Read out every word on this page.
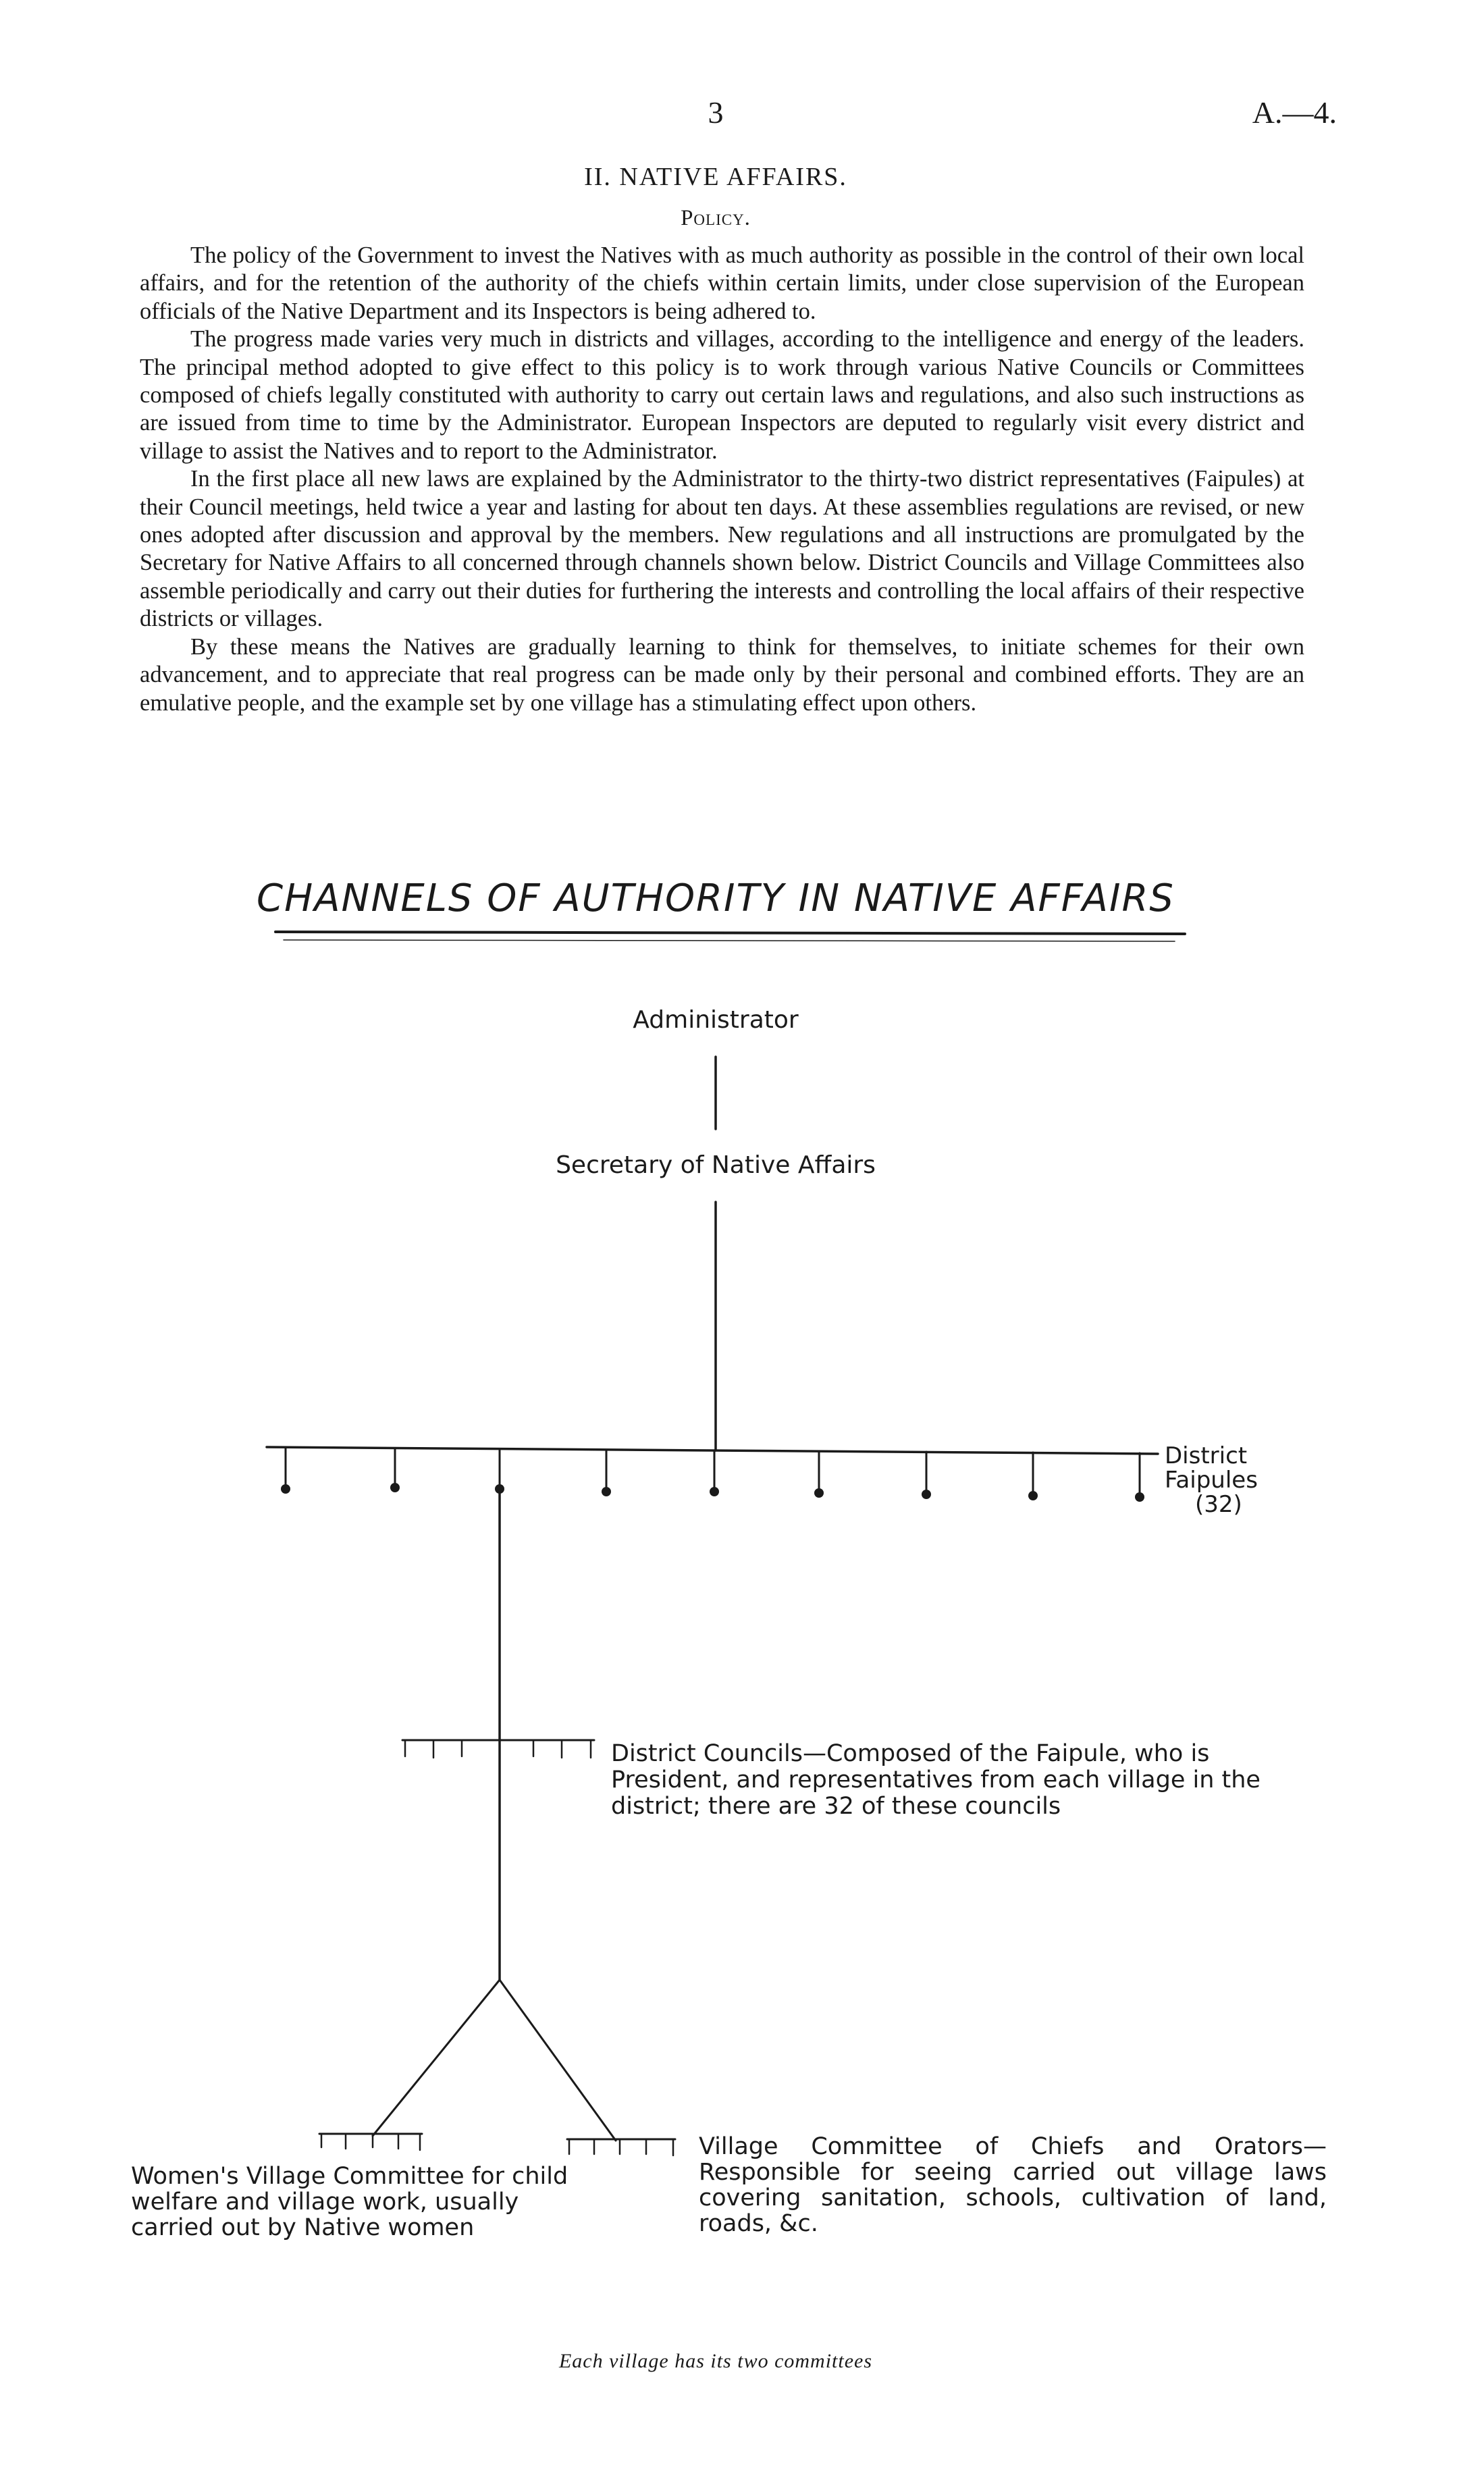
3	A.—4.
II. NATIVE AFFAIRS.
Policy.

The policy of the Government to invest the Natives with as much authority as possible in the control of their own local affairs, and for the retention of the authority of the chiefs within certain limits, under close supervision of the European officials of the Native Department and its Inspectors is being adhered to.

The progress made varies very much in districts and villages, according to the intelligence and energy of the leaders. The principal method adopted to give effect to this policy is to work through various Native Councils or Committees composed of chiefs legally constituted with authority to carry out certain laws and regulations, and also such instructions as are issued from time to time by the Administrator. European Inspectors are deputed to regularly visit every district and village to assist the Natives and to report to the Administrator.

In the first place all new laws are explained by the Administrator to the thirty-two district representatives (Faipules) at their Council meetings, held twice a year and lasting for about ten days. At these assemblies regulations are revised, or new ones adopted after discussion and approval by the members. New regulations and all instructions are promulgated by the Secretary for Native Affairs to all concerned through channels shown below. District Councils and Village Committees also assemble periodically and carry out their duties for furthering the interests and controlling the local affairs of their respective districts or villages.

By these means the Natives are gradually learning to think for themselves, to initiate schemes for their own advancement, and to appreciate that real progress can be made only by their personal and combined efforts. They are an emulative people, and the example set by one village has a stimulating effect upon others.

CHANNELS OF AUTHORITY IN NATIVE AFFAIRS
Administrator
Secretary of Native Affairs
District Faipules
(32)
District Councils—Composed of the Faipule, who is President, and representatives from each village in the district; there are 32 of these councils
Women's Village Committee for child welfare and village work, usually carried out by Native women
Village Committee of Chiefs and Orators—Responsible for seeing carried out village laws covering sanitation, schools, cultivation of land, roads, &c.
Each village has its two committees
